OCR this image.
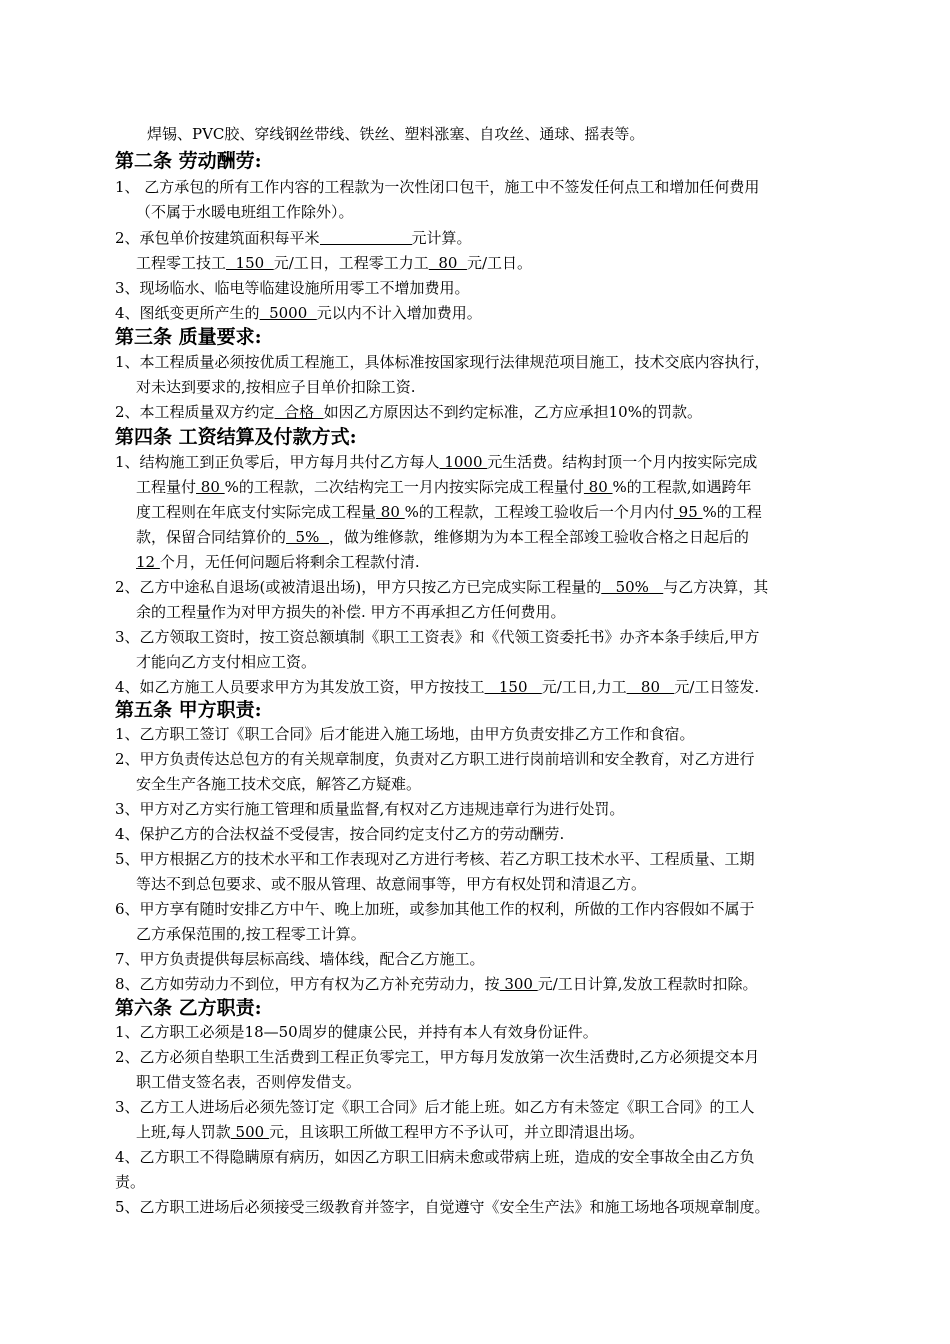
焊锡、PVC胶、穿线钢丝带线、铁丝、塑料涨塞、自攻丝、通球、摇表等。
第二条 劳动酬劳:
1、 乙方承包的所有工作内容的工程款为一次性闭口包干，施工中不签发任何点工和增加任何费用
（不属于水暖电班组工作除外）。
2、承包单价按建筑面积每平米	元计算。
工程零工技工  150  元/工日，工程零工力工  80  元/工日。
3、现场临水、临电等临建设施所用零工不增加费用。
4、图纸变更所产生的  5000  元以内不计入增加费用。
第三条 质量要求:
1、本工程质量必须按优质工程施工，具体标准按国家现行法律规范项目施工，技术交底内容执行，
对未达到要求的,按相应子目单价扣除工资.
2、本工程质量双方约定  合格  如因乙方原因达不到约定标准，乙方应承担10%的罚款。
第四条 工资结算及付款方式:
1、结构施工到正负零后，甲方每月共付乙方每人 1000 元生活费。结构封顶一个月内按实际完成
工程量付 80 %的工程款，二次结构完工一月内按实际完成工程量付 80 %的工程款,如遇跨年
度工程则在年底支付实际完成工程量 80 %的工程款，工程竣工验收后一个月内付 95 %的工程
款，保留合同结算价的  5%  ，做为维修款，维修期为为本工程全部竣工验收合格之日起后的
12 个月，无任何问题后将剩余工程款付清.
2、乙方中途私自退场(或被清退出场)，甲方只按乙方已完成实际工程量的   50%   与乙方决算，其
余的工程量作为对甲方损失的补偿. 甲方不再承担乙方任何费用。
3、乙方领取工资时，按工资总额填制《职工工资表》和《代领工资委托书》办齐本条手续后,甲方
才能向乙方支付相应工资。
4、如乙方施工人员要求甲方为其发放工资，甲方按技工   150   元/工日,力工   80   元/工日签发.
第五条 甲方职责:
1、乙方职工签订《职工合同》后才能进入施工场地，由甲方负责安排乙方工作和食宿。
2、甲方负责传达总包方的有关规章制度，负责对乙方职工进行岗前培训和安全教育，对乙方进行
安全生产各施工技术交底，解答乙方疑难。
3、甲方对乙方实行施工管理和质量监督,有权对乙方违规违章行为进行处罚。
4、保护乙方的合法权益不受侵害，按合同约定支付乙方的劳动酬劳.
5、甲方根据乙方的技术水平和工作表现对乙方进行考核、若乙方职工技术水平、工程质量、工期
等达不到总包要求、或不服从管理、故意闹事等，甲方有权处罚和清退乙方。
6、甲方享有随时安排乙方中午、晚上加班，或参加其他工作的权利，所做的工作内容假如不属于
乙方承保范围的,按工程零工计算。
7、甲方负责提供每层标高线、墙体线，配合乙方施工。
8、乙方如劳动力不到位，甲方有权为乙方补充劳动力，按 300 元/工日计算,发放工程款时扣除。
第六条 乙方职责:
1、乙方职工必须是18—50周岁的健康公民，并持有本人有效身份证件。
2、乙方必须自垫职工生活费到工程正负零完工，甲方每月发放第一次生活费时,乙方必须提交本月
职工借支签名表，否则停发借支。
3、乙方工人进场后必须先签订定《职工合同》后才能上班。如乙方有未签定《职工合同》的工人
上班,每人罚款 500 元，且该职工所做工程甲方不予认可，并立即清退出场。
4、乙方职工不得隐瞒原有病历，如因乙方职工旧病未愈或带病上班，造成的安全事故全由乙方负
责。
5、乙方职工进场后必须接受三级教育并签字，自觉遵守《安全生产法》和施工场地各项规章制度。
